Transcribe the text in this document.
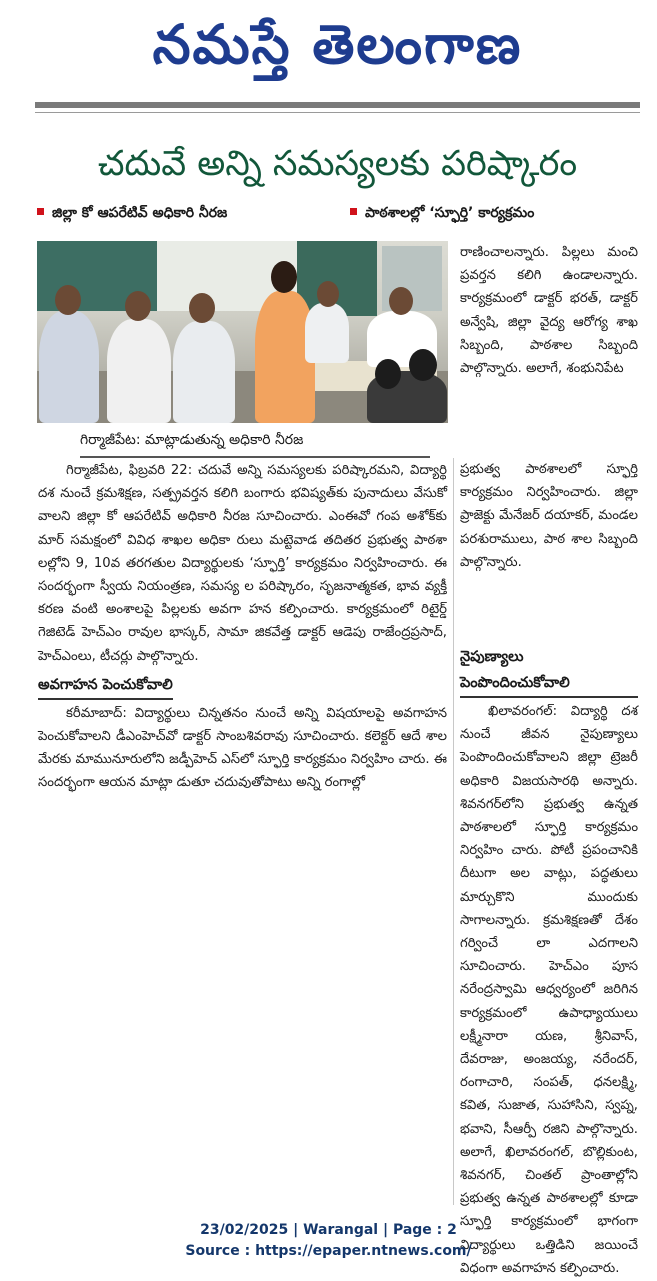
నమస్తే తెలంగాణ
చదువే అన్ని సమస్యలకు పరిష్కారం
జిల్లా కో ఆపరేటివ్ అధికారి నీరజ	పాఠశాలల్లో ‘స్ఫూర్తి’ కార్యక్రమం
గిర్మాజీపేట: మాట్లాడుతున్న అధికారి నీరజ

రాణించాలన్నారు. పిల్లలు మంచి ప్రవర్తన కలిగి ఉండాలన్నారు. కార్యక్రమంలో డాక్టర్ భరత్, డాక్టర్ అన్వేషి, జిల్లా వైద్య ఆరోగ్య శాఖ సిబ్బంది, పాఠశాల సిబ్బంది పాల్గొన్నారు. అలాగే, శంభునిపేట

ప్రభుత్వ పాఠశాలలో స్ఫూర్తి కార్యక్రమం నిర్వహించారు. జిల్లా ప్రాజెక్టు మేనేజర్ దయాకర్, మండల పరశురాములు, పాఠ శాల సిబ్బంది పాల్గొన్నారు.

గిర్మాజీపేట, ఫిబ్రవరి 22: చదువే అన్ని సమస్యలకు పరిష్కారమని, విద్యార్థి దశ నుంచే క్రమశిక్షణ, సత్ప్రవర్తన కలిగి బంగారు భవిష్యత్‌కు పునాదులు వేసుకో వాలని జిల్లా కో ఆపరేటివ్ అధికారి నీరజ సూచించారు. ఎంఈవో గంప అశోక్‌కు మార్ సమక్షంలో వివిధ శాఖల అధికా రులు మట్టెవాడ తదితర ప్రభుత్వ పాఠశా లల్లోని 9, 10వ తరగతుల విద్యార్థులకు ‘స్ఫూర్తి’ కార్యక్రమం నిర్వహించారు. ఈ సందర్భంగా స్వీయ నియంత్రణ, సమస్య ల పరిష్కారం, సృజనాత్మకత, భావ వ్యక్తీ కరణ వంటి అంశాలపై పిల్లలకు అవగా హన కల్పించారు. కార్యక్రమంలో రిటైర్డ్ గెజిటెడ్ హెచ్‌ఎం రావుల భాస్కర్, సామా జికవేత్త డాక్టర్ ఆడెపు రాజేంద్రప్రసాద్, హెచ్‌ఎంలు, టీచర్లు పాల్గొన్నారు.

అవగాహన పెంచుకోవాలి

కరీమాబాద్: విద్యార్థులు చిన్నతనం నుంచే అన్ని విషయాలపై అవగాహన పెంచుకోవాలని డీఎంహెచ్‌వో డాక్టర్ సాంబశివరావు సూచించారు. కలెక్టర్ ఆదే శాల మేరకు మామునూరులోని జడ్పీహెచ్ ఎస్‌లో స్ఫూర్తి కార్యక్రమం నిర్వహిం చారు. ఈ సందర్భంగా ఆయన మాట్లా డుతూ చదువుతోపాటు అన్ని రంగాల్లో

నైపుణ్యాలు పెంపొందించుకోవాలి

ఖిలావరంగల్: విద్యార్థి దశ నుంచే జీవన నైపుణ్యాలు పెంపొందించుకోవాలని జిల్లా ట్రెజరీ అధికారి విజయసారథి అన్నారు. శివనగర్‌లోని ప్రభుత్వ ఉన్నత పాఠశాలలో స్ఫూర్తి కార్యక్రమం నిర్వహిం చారు. పోటీ ప్రపంచానికి దీటుగా అల వాట్లు, పద్ధతులు మార్చుకొని ముందుకు సాగాలన్నారు. క్రమశిక్షణతో దేశం గర్వించే లా ఎదగాలని సూచించారు. హెచ్‌ఎం పూస నరేంద్రస్వామి ఆధ్వర్యంలో జరిగిన కార్యక్రమంలో ఉపాధ్యాయులు లక్ష్మీనారా యణ, శ్రీనివాస్, దేవరాజు, అంజయ్య, నరేందర్, రంగాచారి, సంపత్, ధనలక్ష్మి, కవిత, సుజాత, సుహాసిని, స్వప్న, భవాని, సీఆర్పీ రజిని పాల్గొన్నారు. అలాగే, ఖిలావరంగల్, బొల్లికుంట, శివనగర్, చింతల్ ప్రాంతాల్లోని ప్రభుత్వ ఉన్నత పాఠశాలల్లో కూడా స్ఫూర్తి కార్యక్రమంలో భాగంగా విద్యార్థులు ఒత్తిడిని జయించే విధంగా అవగాహన కల్పించారు.

23/02/2025 | Warangal | Page : 2
Source : https://epaper.ntnews.com/
